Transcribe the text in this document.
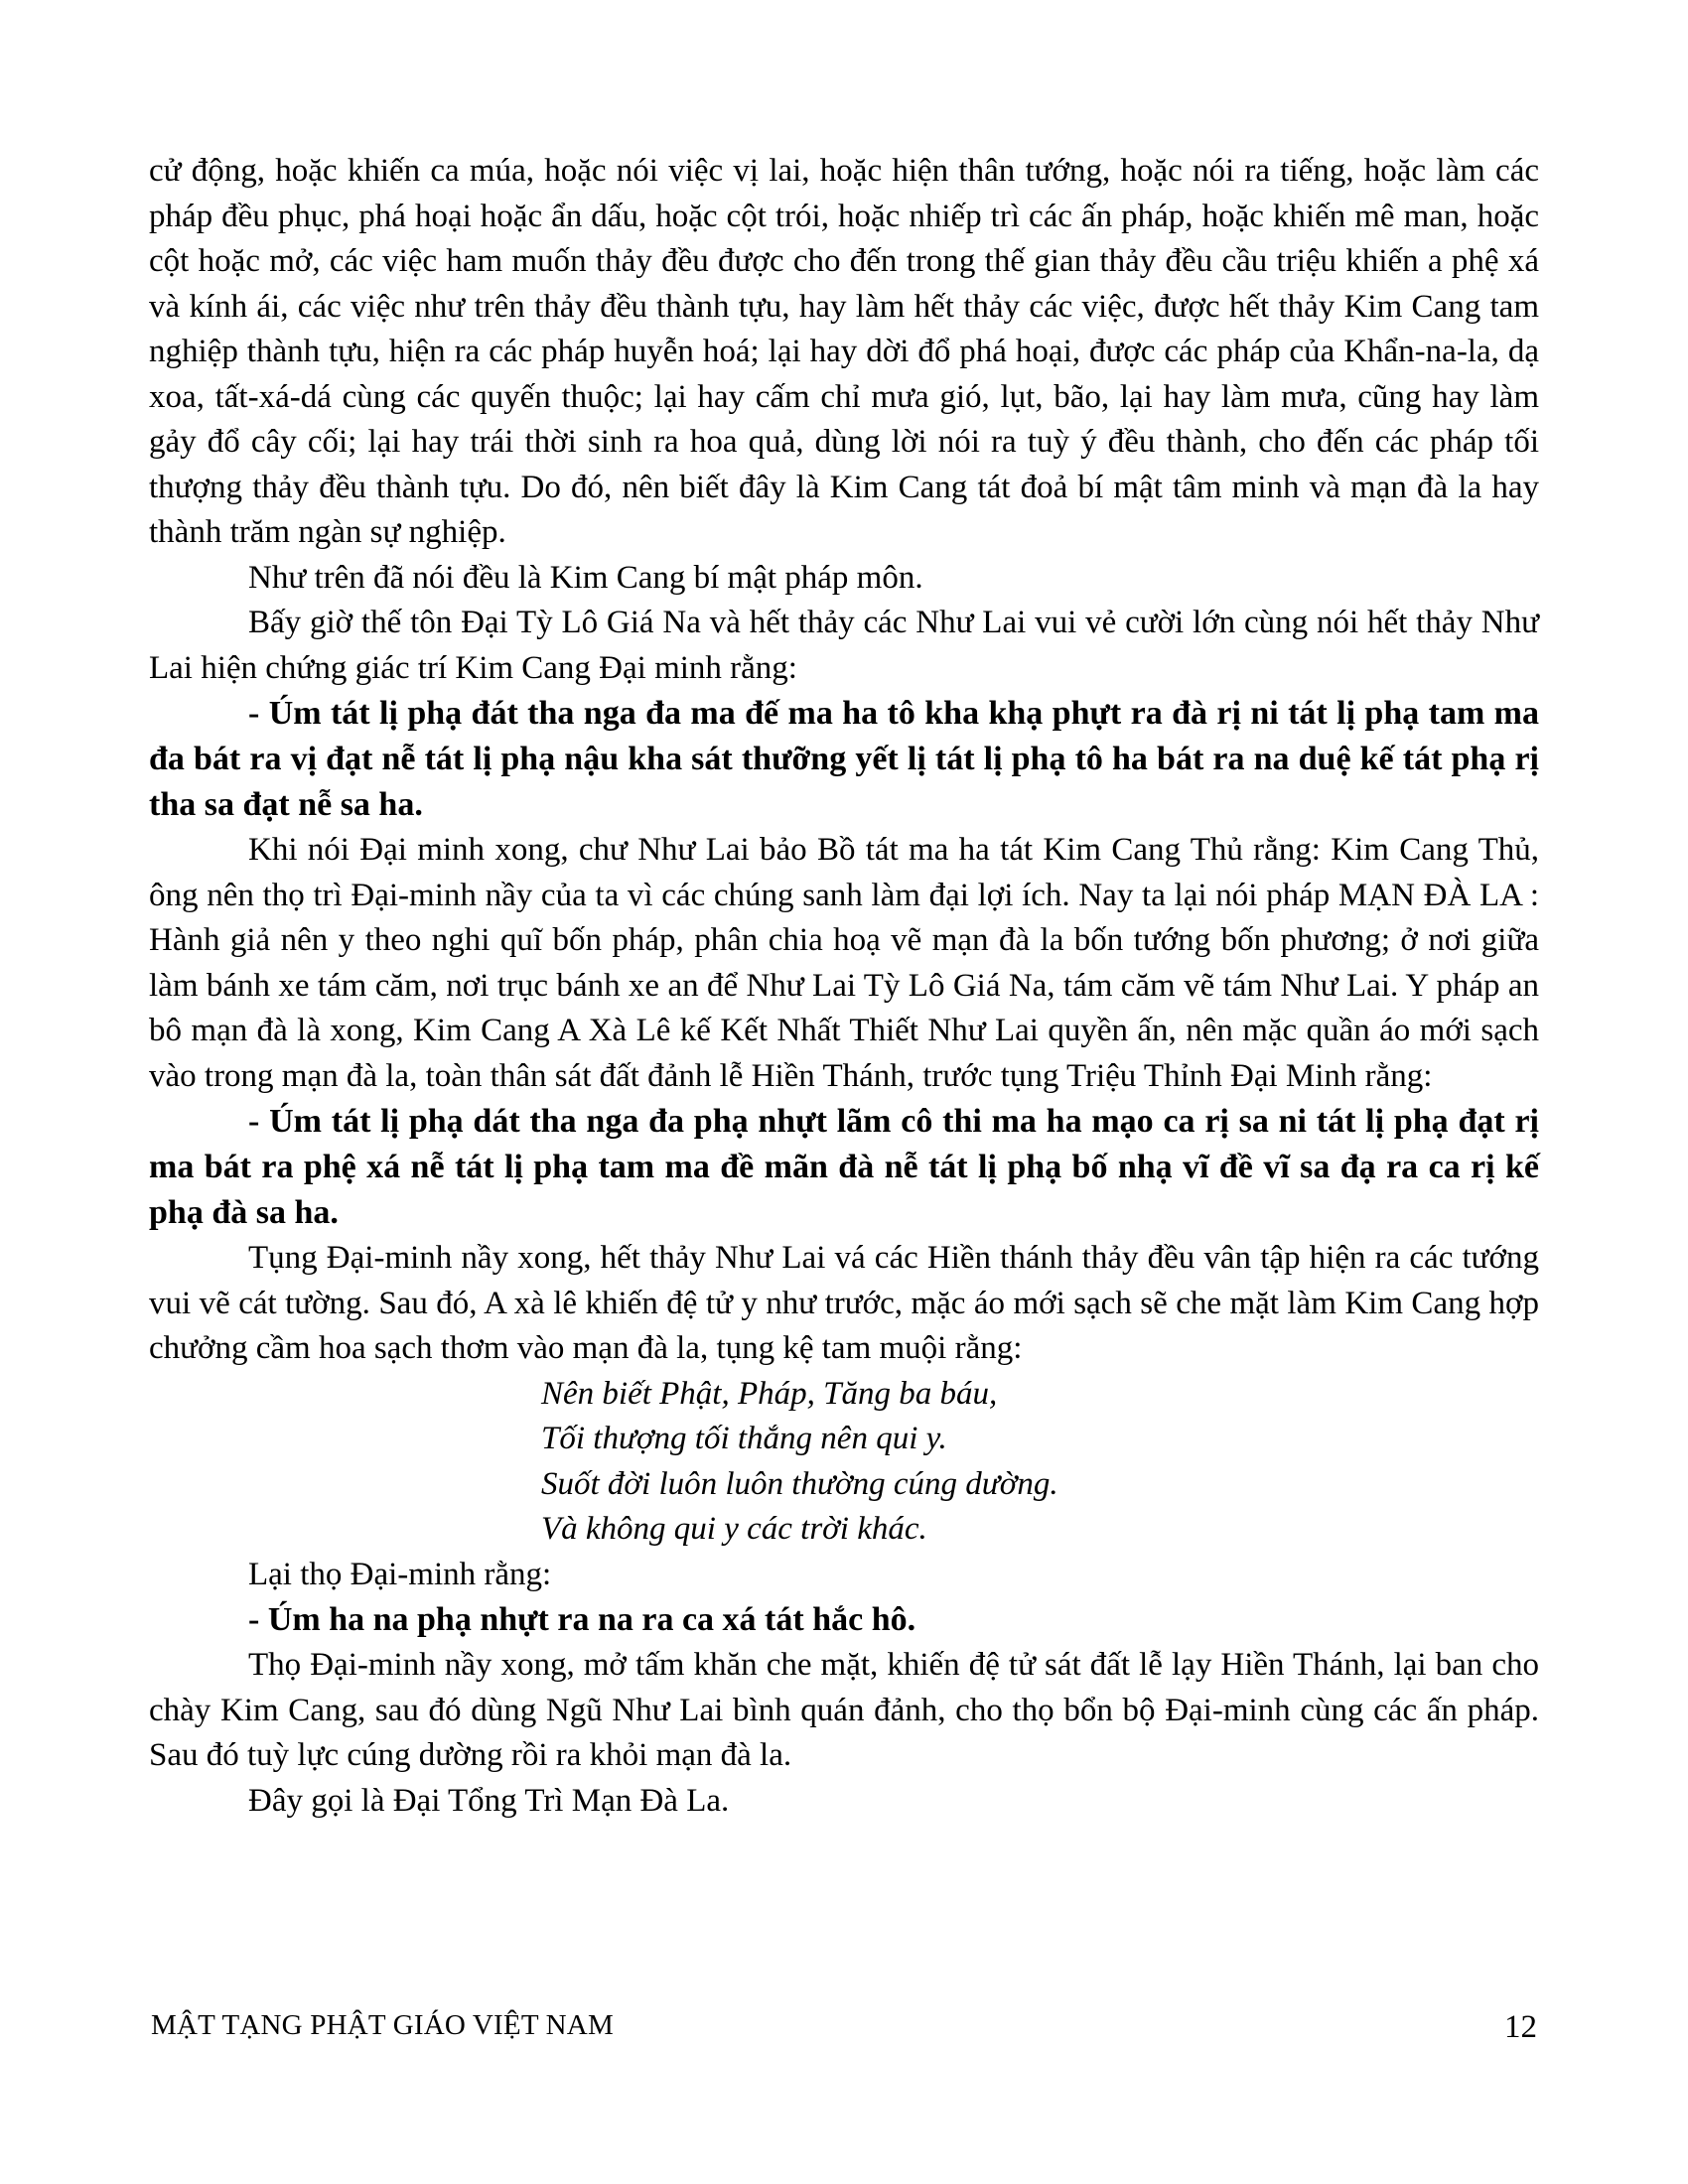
cử động, hoặc khiến ca múa, hoặc nói việc vị lai, hoặc hiện thân tướng, hoặc nói ra tiếng, hoặc làm các pháp đều phục, phá hoại hoặc ẩn dấu, hoặc cột trói, hoặc nhiếp trì các ấn pháp, hoặc khiến mê man, hoặc cột hoặc mở, các việc ham muốn thảy đều được cho đến trong thế gian thảy đều cầu triệu khiến a phệ xá và kính ái, các việc như trên thảy đều thành tựu, hay làm hết thảy các việc, được hết thảy Kim Cang tam nghiệp thành tựu, hiện ra các pháp huyễn hoá; lại hay dời đổ phá hoại, được các pháp của Khẩn-na-la, dạ xoa, tất-xá-dá cùng các quyến thuộc; lại hay cấm chỉ mưa gió, lụt, bão, lại hay làm mưa, cũng hay làm gảy đổ cây cối; lại hay trái thời sinh ra hoa quả, dùng lời nói ra tuỳ ý đều thành, cho đến các pháp tối thượng thảy đều thành tựu. Do đó, nên biết đây là Kim Cang tát đoả bí mật tâm minh và mạn đà la hay thành trăm ngàn sự nghiệp.

Như trên đã nói đều là Kim Cang bí mật pháp môn.

Bấy giờ thế tôn Đại Tỳ Lô Giá Na và hết thảy các Như Lai vui vẻ cười lớn cùng nói hết thảy Như Lai hiện chứng giác trí Kim Cang Đại minh rằng:

- Úm tát lị phạ đát tha nga đa ma đế ma ha tô kha khạ phựt ra đà rị ni tát lị phạ tam ma đa bát ra vị đạt nễ tát lị phạ nậu kha sát thưỡng yết lị tát lị phạ tô ha bát ra na duệ kế tát phạ rị tha sa đạt nễ sa ha.

Khi nói Đại minh xong, chư Như Lai bảo Bồ tát ma ha tát Kim Cang Thủ rằng: Kim Cang Thủ, ông nên thọ trì Đại-minh nầy của ta vì các chúng sanh làm đại lợi ích. Nay ta lại nói pháp MẠN ĐÀ LA : Hành giả nên y theo nghi quĩ bốn pháp, phân chia hoạ vẽ mạn đà la bốn tướng bốn phương; ở nơi giữa làm bánh xe tám căm, nơi trục bánh xe an để Như Lai Tỳ Lô Giá Na, tám căm vẽ tám Như Lai. Y pháp an bô mạn đà là xong, Kim Cang A Xà Lê kế Kết Nhất Thiết Như Lai quyền ấn, nên mặc quần áo mới sạch vào trong mạn đà la, toàn thân sát đất đảnh lễ Hiền Thánh, trước tụng Triệu Thỉnh Đại Minh rằng:

- Úm tát lị phạ dát tha nga đa phạ nhựt lãm cô thi ma ha mạo ca rị sa ni tát lị phạ đạt rị ma bát ra phệ xá nễ tát lị phạ tam ma đề mãn đà nễ tát lị phạ bố nhạ vĩ đề vĩ sa đạ ra ca rị kế phạ đà sa ha.

Tụng Đại-minh nầy xong, hết thảy Như Lai vá các Hiền thánh thảy đều vân tập hiện ra các tướng vui vẽ cát tường. Sau đó, A xà lê khiến đệ tử y như trước, mặc áo mới sạch sẽ che mặt làm Kim Cang hợp chưởng cầm hoa sạch thơm vào mạn đà la, tụng kệ tam muội rằng:

Nên biết Phật, Pháp, Tăng ba báu,
Tối thượng tối thắng nên qui y.
Suốt đời luôn luôn thường cúng dường.
Và không qui y các trời khác.

Lại thọ Đại-minh rằng:

- Úm ha na phạ nhựt ra na ra ca xá tát hắc hô.

Thọ Đại-minh nầy xong, mở tấm khăn che mặt, khiến đệ tử sát đất lễ lạy Hiền Thánh, lại ban cho chày Kim Cang, sau đó dùng Ngũ Như Lai bình quán đảnh, cho thọ bổn bộ Đại-minh cùng các ấn pháp. Sau đó tuỳ lực cúng dường rồi ra khỏi mạn đà la.

Đây gọi là Đại Tổng Trì Mạn Đà La.

MẬT TẠNG PHẬT GIÁO VIỆT NAM	12
